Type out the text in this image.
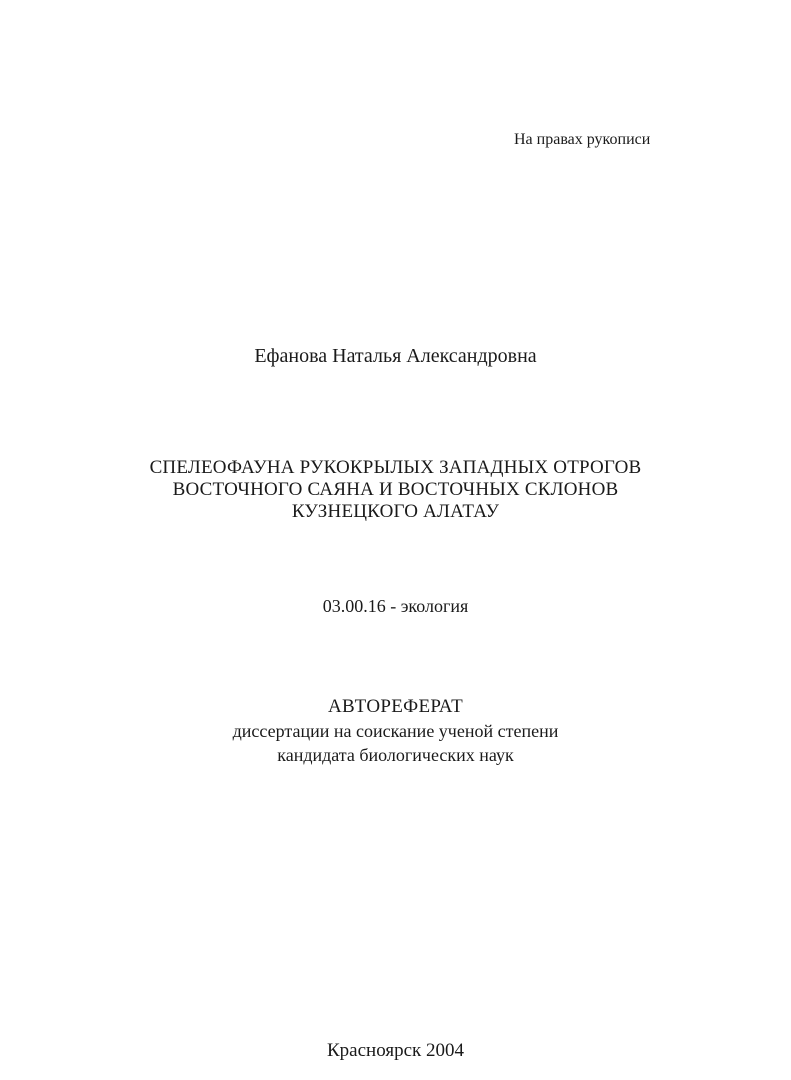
На правах рукописи
Ефанова Наталья Александровна
СПЕЛЕОФАУНА РУКОКРЫЛЫХ ЗАПАДНЫХ ОТРОГОВ
ВОСТОЧНОГО САЯНА И ВОСТОЧНЫХ СКЛОНОВ
КУЗНЕЦКОГО АЛАТАУ
03.00.16 - экология
АВТОРЕФЕРАТ
диссертации на соискание ученой степени
кандидата биологических наук
Красноярск 2004
